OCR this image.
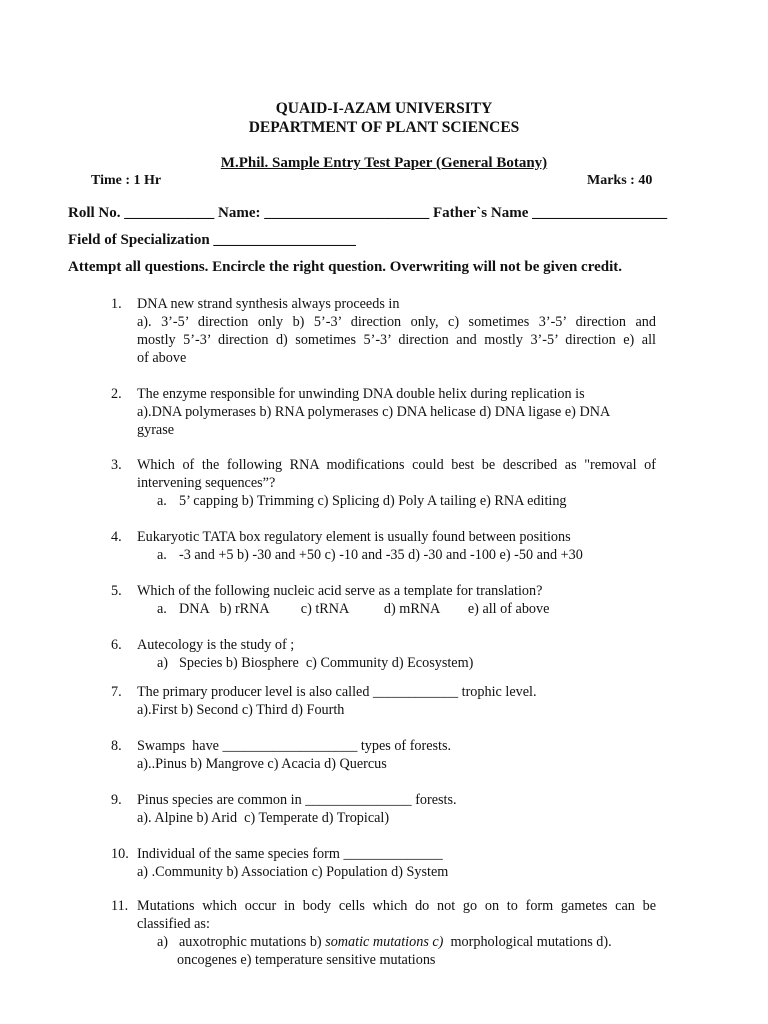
QUAID-I-AZAM UNIVERSITY
DEPARTMENT OF PLANT SCIENCES
M.Phil. Sample Entry Test Paper (General Botany)
Time : 1 Hr	Marks : 40
Roll No. ____________ Name: ______________________ Father`s Name __________________
Field of Specialization ___________________
Attempt all questions. Encircle the right question. Overwriting will not be given credit.
1. DNA new strand synthesis always proceeds in
a). 3’-5’ direction only b) 5’-3’ direction only, c) sometimes 3’-5’ direction and
mostly 5’-3’ direction d) sometimes 5’-3’ direction and mostly 3’-5’ direction e) all
of above
2. The enzyme responsible for unwinding DNA double helix during replication is
a).DNA polymerases b) RNA polymerases c) DNA helicase d) DNA ligase e) DNA
gyrase
3. Which of the following RNA modifications could best be described as "removal of
intervening sequences”?
a. 5’ capping b) Trimming c) Splicing d) Poly A tailing e) RNA editing
4. Eukaryotic TATA box regulatory element is usually found between positions
a. -3 and +5 b) -30 and +50 c) -10 and -35 d) -30 and -100 e) -50 and +30
5. Which of the following nucleic acid serve as a template for translation?
a. DNA   b) rRNA         c) tRNA          d) mRNA        e) all of above
6. Autecology is the study of ;
a) Species b) Biosphere  c) Community d) Ecosystem)
7. The primary producer level is also called ____________ trophic level.
a).First b) Second c) Third d) Fourth
8. Swamps  have ___________________ types of forests.
a)..Pinus b) Mangrove c) Acacia d) Quercus
9. Pinus species are common in _______________ forests.
a). Alpine b) Arid  c) Temperate d) Tropical)
10. Individual of the same species form ______________
a) .Community b) Association c) Population d) System
11. Mutations which occur in body cells which do not go on to form gametes can be
classified as:
a) auxotrophic mutations b) somatic mutations c)  morphological mutations d).
oncogenes e) temperature sensitive mutations
